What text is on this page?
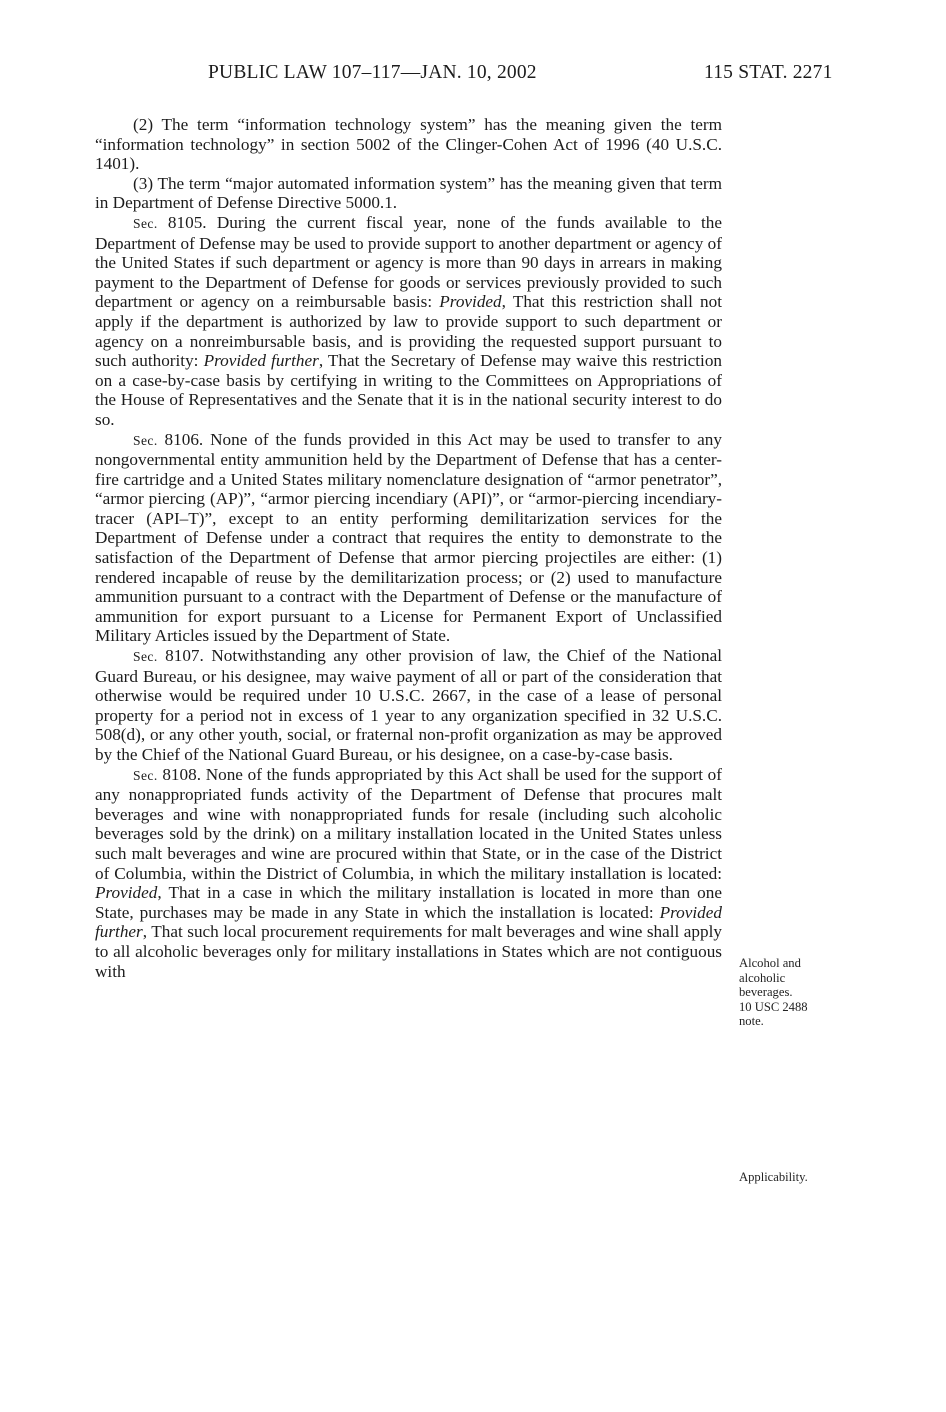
PUBLIC LAW 107–117—JAN. 10, 2002	115 STAT. 2271

(2) The term “information technology system” has the meaning given the term “information technology” in section 5002 of the Clinger-Cohen Act of 1996 (40 U.S.C. 1401).

(3) The term “major automated information system” has the meaning given that term in Department of Defense Directive 5000.1.

Sec. 8105. During the current fiscal year, none of the funds available to the Department of Defense may be used to provide support to another department or agency of the United States if such department or agency is more than 90 days in arrears in making payment to the Department of Defense for goods or services previously provided to such department or agency on a reimbursable basis: Provided, That this restriction shall not apply if the department is authorized by law to provide support to such department or agency on a nonreimbursable basis, and is providing the requested support pursuant to such authority: Provided further, That the Secretary of Defense may waive this restriction on a case-by-case basis by certifying in writing to the Committees on Appropriations of the House of Representatives and the Senate that it is in the national security interest to do so.

Sec. 8106. None of the funds provided in this Act may be used to transfer to any nongovernmental entity ammunition held by the Department of Defense that has a center-fire cartridge and a United States military nomenclature designation of “armor penetrator”, “armor piercing (AP)”, “armor piercing incendiary (API)”, or “armor-piercing incendiary-tracer (API–T)”, except to an entity performing demilitarization services for the Department of Defense under a contract that requires the entity to demonstrate to the satisfaction of the Department of Defense that armor piercing projectiles are either: (1) rendered incapable of reuse by the demilitarization process; or (2) used to manufacture ammunition pursuant to a contract with the Department of Defense or the manufacture of ammunition for export pursuant to a License for Permanent Export of Unclassified Military Articles issued by the Department of State.

Sec. 8107. Notwithstanding any other provision of law, the Chief of the National Guard Bureau, or his designee, may waive payment of all or part of the consideration that otherwise would be required under 10 U.S.C. 2667, in the case of a lease of personal property for a period not in excess of 1 year to any organization specified in 32 U.S.C. 508(d), or any other youth, social, or fraternal non-profit organization as may be approved by the Chief of the National Guard Bureau, or his designee, on a case-by-case basis.

Sec. 8108. None of the funds appropriated by this Act shall be used for the support of any nonappropriated funds activity of the Department of Defense that procures malt beverages and wine with nonappropriated funds for resale (including such alcoholic beverages sold by the drink) on a military installation located in the United States unless such malt beverages and wine are procured within that State, or in the case of the District of Columbia, within the District of Columbia, in which the military installation is located: Provided, That in a case in which the military installation is located in more than one State, purchases may be made in any State in which the installation is located: Provided further, That such local procurement requirements for malt beverages and wine shall apply to all alcoholic beverages only for military installations in States which are not contiguous with	Alcohol and
alcoholic
beverages.
10 USC 2488
note.
Applicability.
